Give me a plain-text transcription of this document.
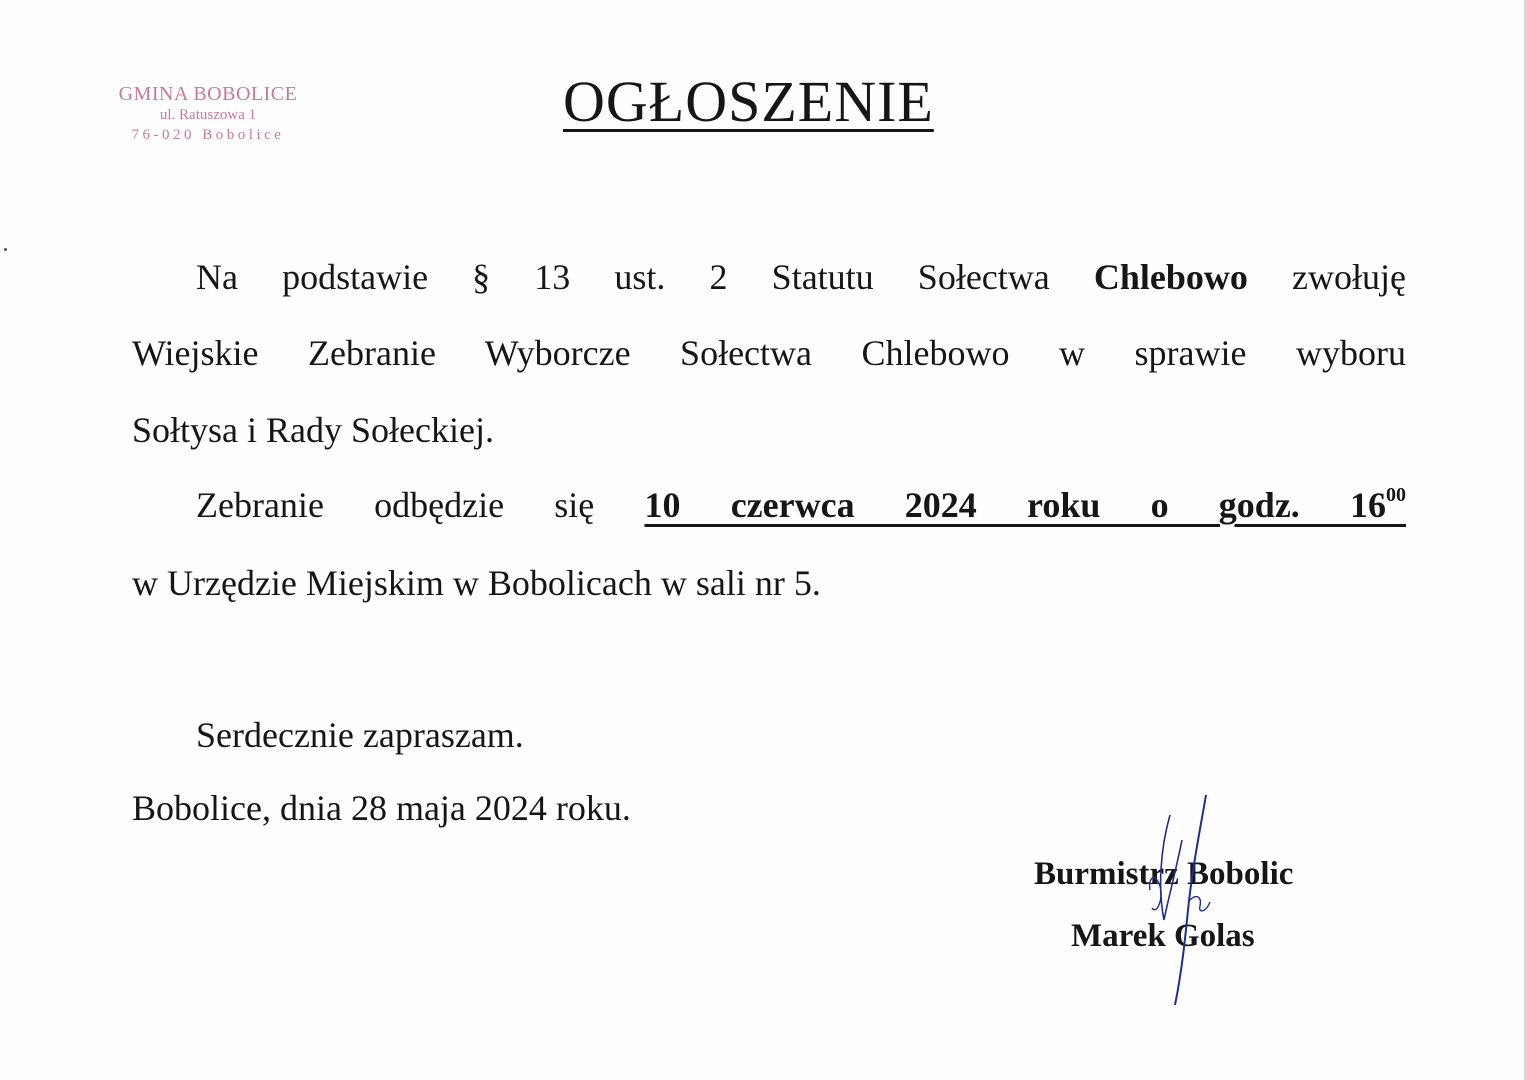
GMINA BOBOLICE
ul. Ratuszowa 1
76-020 Bobolice
OGŁOSZENIE
Na podstawie § 13 ust. 2 Statutu Sołectwa Chlebowo zwołuję
Wiejskie Zebranie Wyborcze Sołectwa Chlebowo w sprawie wyboru
Sołtysa i Rady Sołeckiej.
Zebranie odbędzie się 10 czerwca 2024 roku o godz. $16^{00}$
w Urzędzie Miejskim w Bobolicach w sali nr 5.
Serdecznie zapraszam.
Bobolice, dnia 28 maja 2024 roku.
Burmistrz Bobolic
Marek Golas
